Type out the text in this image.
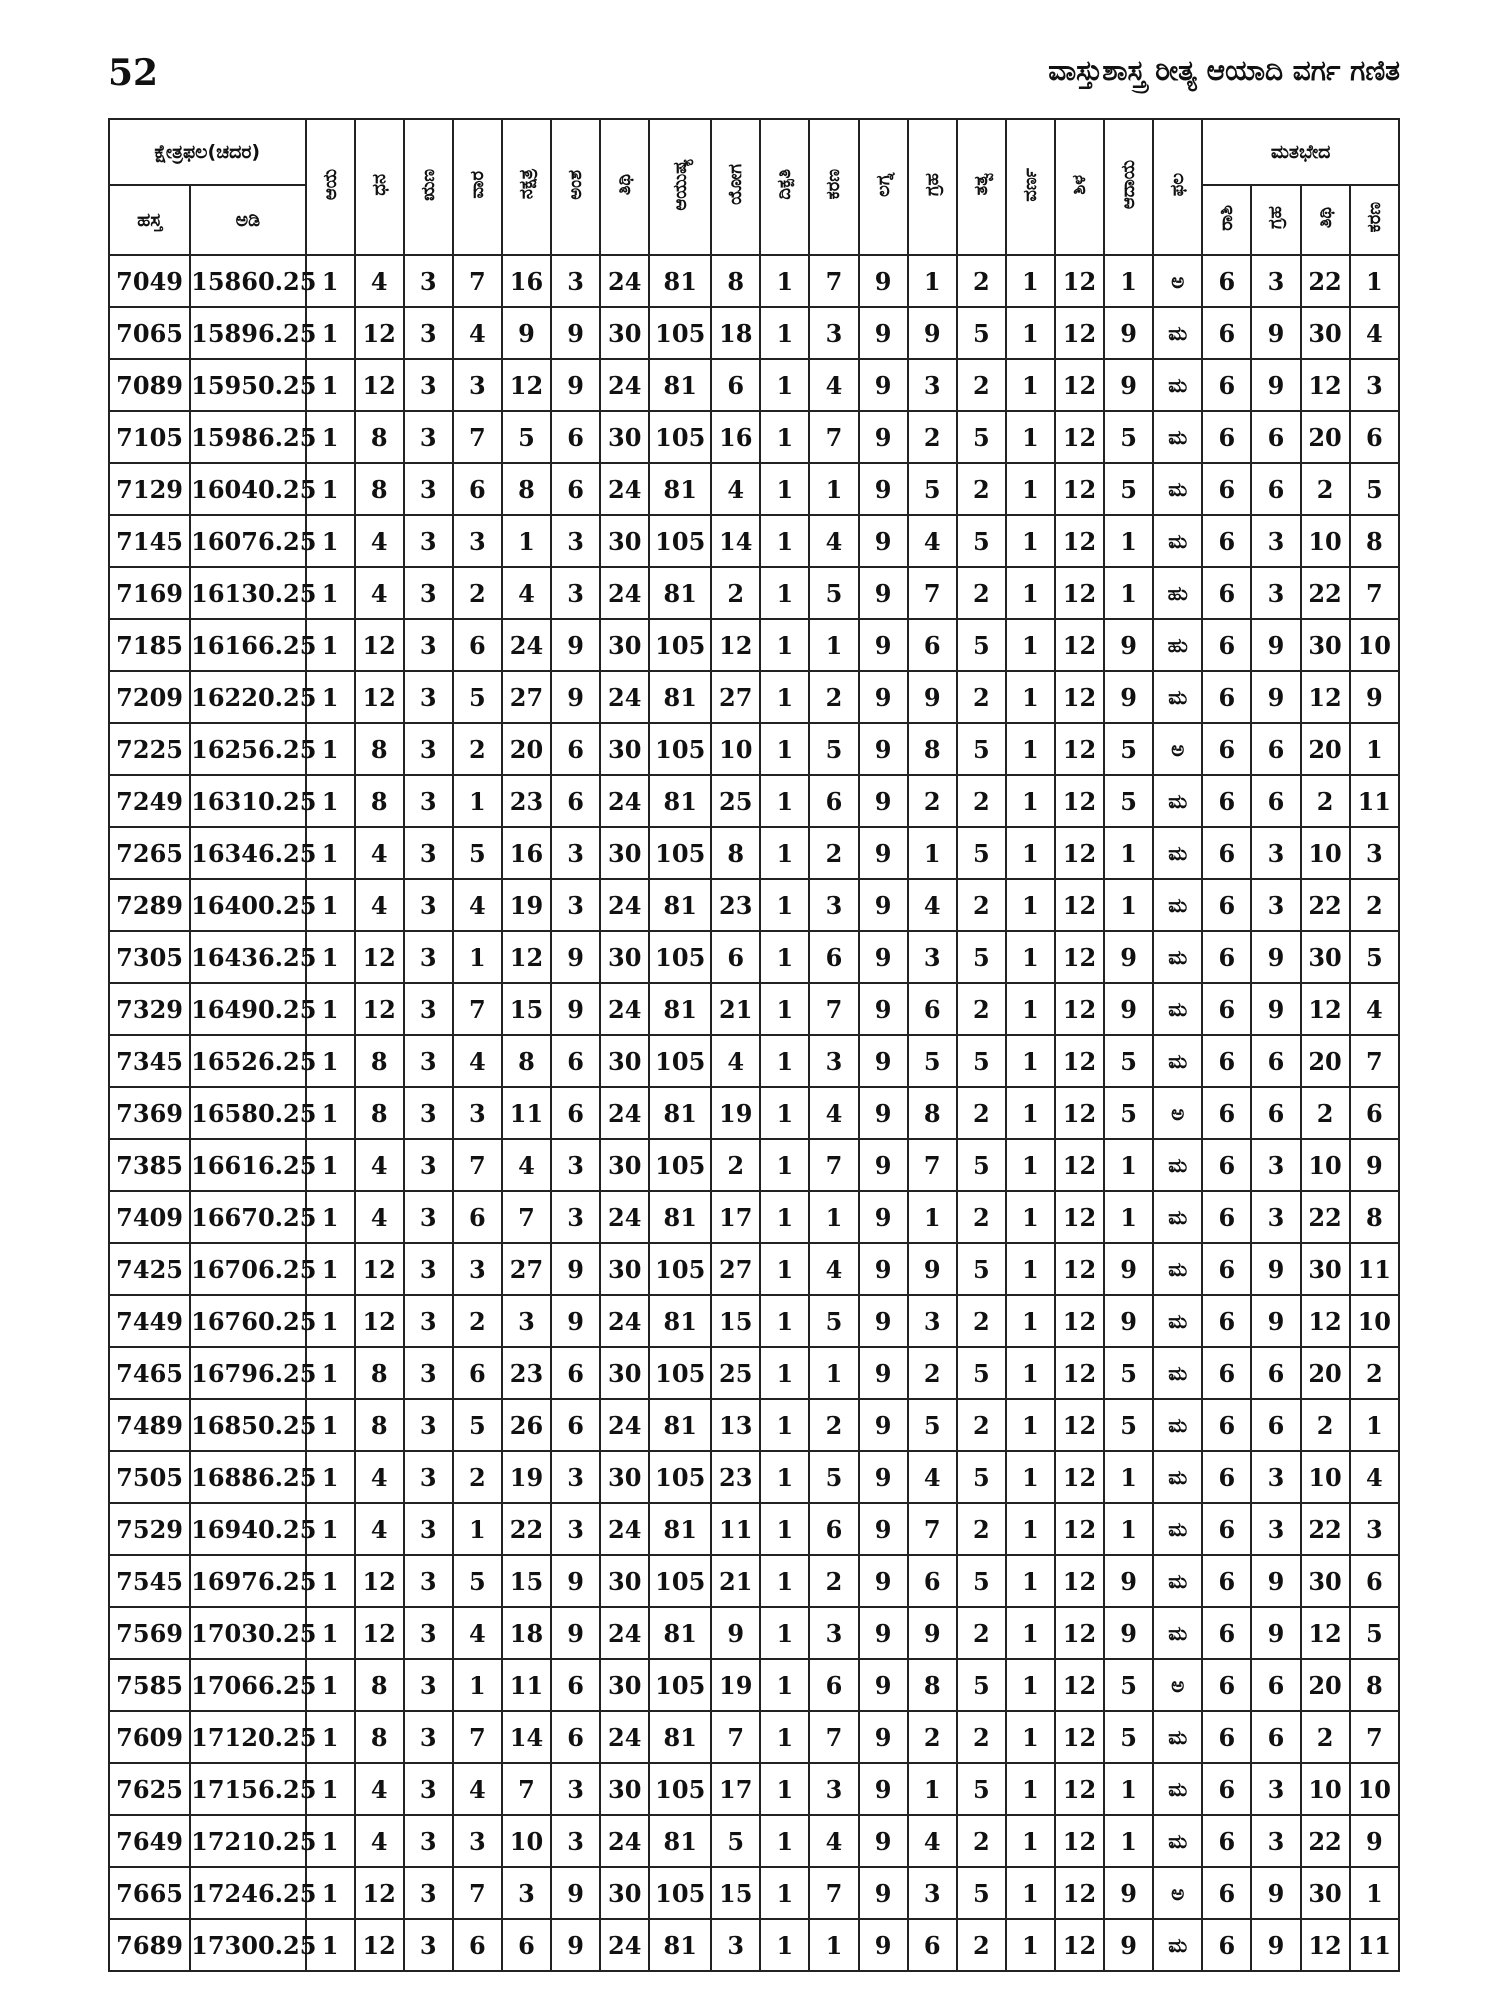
52	ವಾಸ್ತುಶಾಸ್ತ್ರ ರೀತ್ಯ ಆಯಾದಿ ವರ್ಗ ಗಣಿತ
ಕ್ಷೇತ್ರಫಲ(ಚದರ)		ಆಯ	ಧನ	ಋಣ	ವಾರ	ನಕ್ಷತ್ರ	ಅಂಶ	ತಿಥಿ	ಆಯುಷ್ಯ	ಯೋಗ	ದಿಕ್ಪತಿ	ಕರಣ	ಲಗ್ನ	ಗ್ರಹ	ತತ್ವ	ವರ್ಣ	ಶಿಳ	ಆದಾಯ	ಫಲ	ಮತಭೇದ			
ಹಸ್ತ	ಅಡಿ																			ರಾಶಿ	ಗ್ರಹ	ತಿಥಿ	ಕರಣ
7049	15860.25	1	4	3	7	16	3	24	81	8	1	7	9	1	2	1	12	1	ಅ	6	3	22	1
7065	15896.25	1	12	3	4	9	9	30	105	18	1	3	9	9	5	1	12	9	ಮ	6	9	30	4
7089	15950.25	1	12	3	3	12	9	24	81	6	1	4	9	3	2	1	12	9	ಮ	6	9	12	3
7105	15986.25	1	8	3	7	5	6	30	105	16	1	7	9	2	5	1	12	5	ಮ	6	6	20	6
7129	16040.25	1	8	3	6	8	6	24	81	4	1	1	9	5	2	1	12	5	ಮ	6	6	2	5
7145	16076.25	1	4	3	3	1	3	30	105	14	1	4	9	4	5	1	12	1	ಮ	6	3	10	8
7169	16130.25	1	4	3	2	4	3	24	81	2	1	5	9	7	2	1	12	1	ಹು	6	3	22	7
7185	16166.25	1	12	3	6	24	9	30	105	12	1	1	9	6	5	1	12	9	ಹು	6	9	30	10
7209	16220.25	1	12	3	5	27	9	24	81	27	1	2	9	9	2	1	12	9	ಮ	6	9	12	9
7225	16256.25	1	8	3	2	20	6	30	105	10	1	5	9	8	5	1	12	5	ಅ	6	6	20	1
7249	16310.25	1	8	3	1	23	6	24	81	25	1	6	9	2	2	1	12	5	ಮ	6	6	2	11
7265	16346.25	1	4	3	5	16	3	30	105	8	1	2	9	1	5	1	12	1	ಮ	6	3	10	3
7289	16400.25	1	4	3	4	19	3	24	81	23	1	3	9	4	2	1	12	1	ಮ	6	3	22	2
7305	16436.25	1	12	3	1	12	9	30	105	6	1	6	9	3	5	1	12	9	ಮ	6	9	30	5
7329	16490.25	1	12	3	7	15	9	24	81	21	1	7	9	6	2	1	12	9	ಮ	6	9	12	4
7345	16526.25	1	8	3	4	8	6	30	105	4	1	3	9	5	5	1	12	5	ಮ	6	6	20	7
7369	16580.25	1	8	3	3	11	6	24	81	19	1	4	9	8	2	1	12	5	ಅ	6	6	2	6
7385	16616.25	1	4	3	7	4	3	30	105	2	1	7	9	7	5	1	12	1	ಮ	6	3	10	9
7409	16670.25	1	4	3	6	7	3	24	81	17	1	1	9	1	2	1	12	1	ಮ	6	3	22	8
7425	16706.25	1	12	3	3	27	9	30	105	27	1	4	9	9	5	1	12	9	ಮ	6	9	30	11
7449	16760.25	1	12	3	2	3	9	24	81	15	1	5	9	3	2	1	12	9	ಮ	6	9	12	10
7465	16796.25	1	8	3	6	23	6	30	105	25	1	1	9	2	5	1	12	5	ಮ	6	6	20	2
7489	16850.25	1	8	3	5	26	6	24	81	13	1	2	9	5	2	1	12	5	ಮ	6	6	2	1
7505	16886.25	1	4	3	2	19	3	30	105	23	1	5	9	4	5	1	12	1	ಮ	6	3	10	4
7529	16940.25	1	4	3	1	22	3	24	81	11	1	6	9	7	2	1	12	1	ಮ	6	3	22	3
7545	16976.25	1	12	3	5	15	9	30	105	21	1	2	9	6	5	1	12	9	ಮ	6	9	30	6
7569	17030.25	1	12	3	4	18	9	24	81	9	1	3	9	9	2	1	12	9	ಮ	6	9	12	5
7585	17066.25	1	8	3	1	11	6	30	105	19	1	6	9	8	5	1	12	5	ಅ	6	6	20	8
7609	17120.25	1	8	3	7	14	6	24	81	7	1	7	9	2	2	1	12	5	ಮ	6	6	2	7
7625	17156.25	1	4	3	4	7	3	30	105	17	1	3	9	1	5	1	12	1	ಮ	6	3	10	10
7649	17210.25	1	4	3	3	10	3	24	81	5	1	4	9	4	2	1	12	1	ಮ	6	3	22	9
7665	17246.25	1	12	3	7	3	9	30	105	15	1	7	9	3	5	1	12	9	ಅ	6	9	30	1
7689	17300.25	1	12	3	6	6	9	24	81	3	1	1	9	6	2	1	12	9	ಮ	6	9	12	11
